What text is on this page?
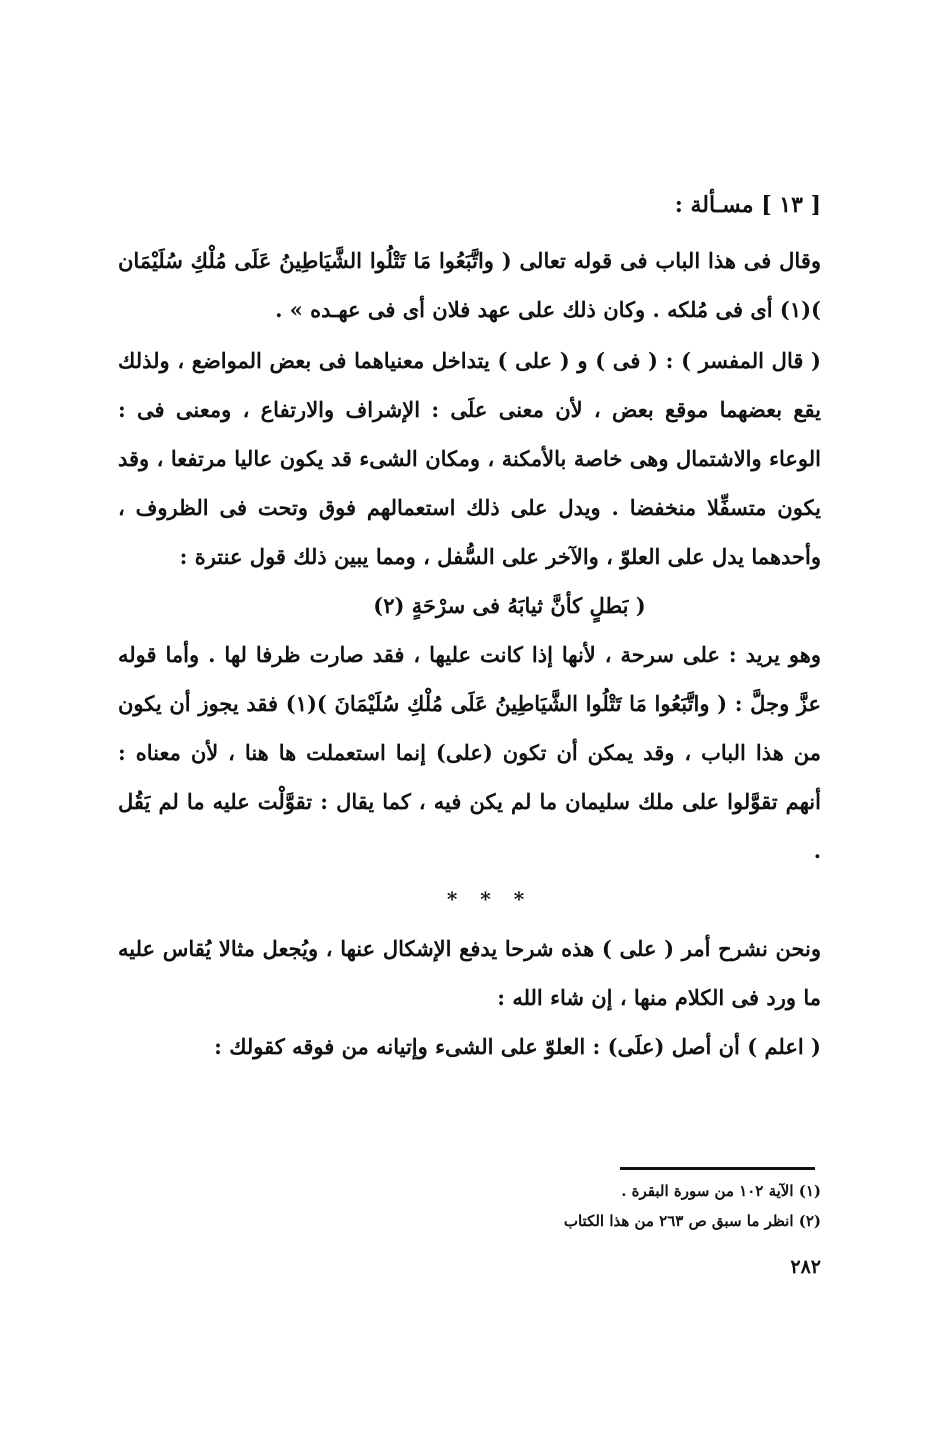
[ ١٣ ] مسـألة :

وقال فى هذا الباب فى قوله تعالى ( واتَّبَعُوا مَا تَتْلُوا الشَّيَاطِينُ عَلَى مُلْكِ سُلَيْمَان )(١) أى فى مُلكه . وكان ذلك على عهد فلان أى فى عهـده » .

( قال المفسر ) : ( فى ) و ( على ) يتداخل معنياهما فى بعض المواضع ، ولذلك يقع بعضهما موقع بعض ، لأن معنى علَى : الإشراف والارتفاع ، ومعنى فى : الوعاء والاشتمال وهى خاصة بالأمكنة ، ومكان الشىء قد يكون عاليا مرتفعا ، وقد يكون متسفِّلا منخفضا . ويدل على ذلك استعمالهم فوق وتحت فى الظروف ، وأحدهما يدل على العلوّ ، والآخر على السُّفل ، ومما يبين ذلك قول عنترة :

( بَطلٍ كأنَّ ثيابَهُ فى سرْحَةٍ (٢)

وهو يريد : على سرحة ، لأنها إذا كانت عليها ، فقد صارت ظرفا لها . وأما قوله عزَّ وجلَّ : ( واتَّبَعُوا مَا تَتْلُوا الشَّيَاطِينُ عَلَى مُلْكِ سُلَيْمَانَ )(١) فقد يجوز أن يكون من هذا الباب ، وقد يمكن أن تكون (على) إنما استعملت ها هنا ، لأن معناه : أنهم تقوَّلوا على ملك سليمان ما لم يكن فيه ، كما يقال : تقوَّلْت عليه ما لم يَقُل .

* * *

ونحن نشرح أمر ( على ) هذه شرحا يدفع الإشكال عنها ، ويُجعل مثالا يُقاس عليه ما ورد فى الكلام منها ، إن شاء الله :

( اعلم ) أن أصل (علَى) : العلوّ على الشىء وإتيانه من فوقه كقولك :

(١) الآية ١٠٢ من سورة البقرة .
(٢) انظر ما سبق ص ٢٦٣ من هذا الكتاب
٢٨٢
